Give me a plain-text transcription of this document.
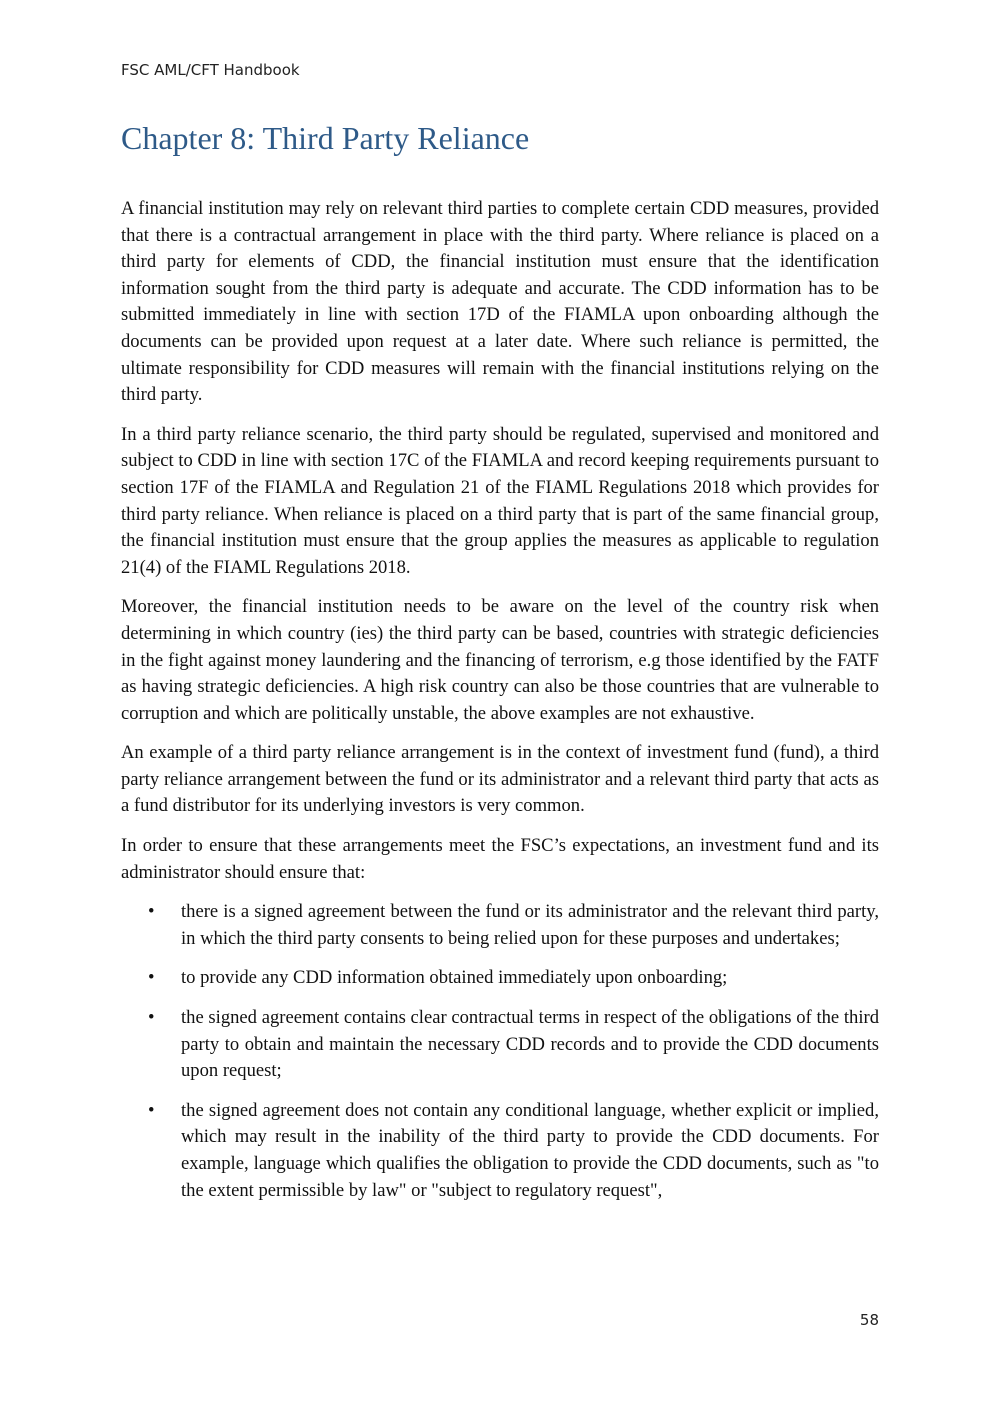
FSC AML/CFT Handbook
Chapter 8: Third Party Reliance

A financial institution may rely on relevant third parties to complete certain CDD measures, provided that there is a contractual arrangement in place with the third party. Where reliance is placed on a third party for elements of CDD, the financial institution must ensure that the identification information sought from the third party is adequate and accurate. The CDD information has to be submitted immediately in line with section 17D of the FIAMLA upon onboarding although the documents can be provided upon request at a later date. Where such reliance is permitted, the ultimate responsibility for CDD measures will remain with the financial institutions relying on the third party.

In a third party reliance scenario, the third party should be regulated, supervised and monitored and subject to CDD in line with section 17C of the FIAMLA and record keeping requirements pursuant to section 17F of the FIAMLA and Regulation 21 of the FIAML Regulations 2018 which provides for third party reliance. When reliance is placed on a third party that is part of the same financial group, the financial institution must ensure that the group applies the measures as applicable to regulation 21(4) of the FIAML Regulations 2018.

Moreover, the financial institution needs to be aware on the level of the country risk when determining in which country (ies) the third party can be based, countries with strategic deficiencies in the fight against money laundering and the financing of terrorism, e.g those identified by the FATF as having strategic deficiencies. A high risk country can also be those countries that are vulnerable to corruption and which are politically unstable, the above examples are not exhaustive.

An example of a third party reliance arrangement is in the context of investment fund (fund), a third party reliance arrangement between the fund or its administrator and a relevant third party that acts as a fund distributor for its underlying investors is very common.

In order to ensure that these arrangements meet the FSC’s expectations, an investment fund and its administrator should ensure that:

• there is a signed agreement between the fund or its administrator and the relevant third party, in which the third party consents to being relied upon for these purposes and undertakes;
• to provide any CDD information obtained immediately upon onboarding;
• the signed agreement contains clear contractual terms in respect of the obligations of the third party to obtain and maintain the necessary CDD records and to provide the CDD documents upon request;
• the signed agreement does not contain any conditional language, whether explicit or implied, which may result in the inability of the third party to provide the CDD documents. For example, language which qualifies the obligation to provide the CDD documents, such as "to the extent permissible by law" or "subject to regulatory request",
58
